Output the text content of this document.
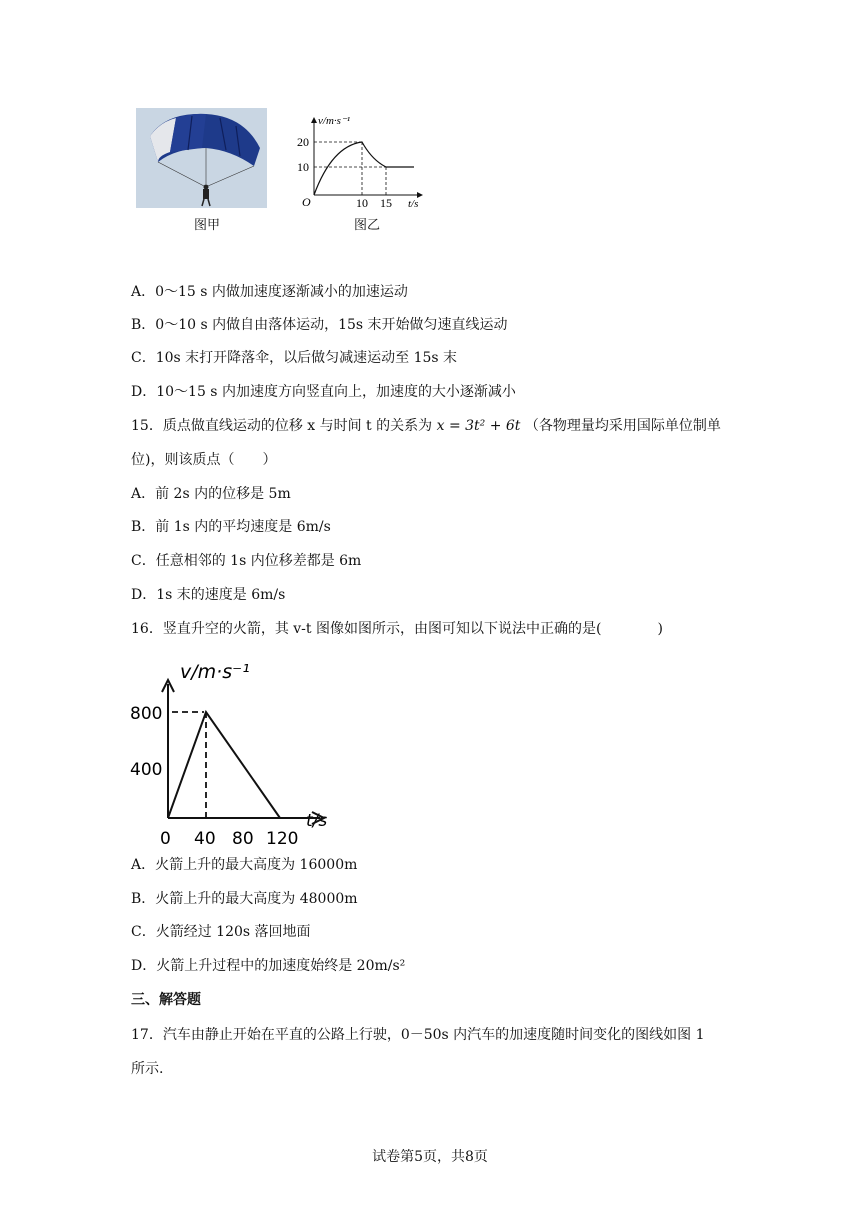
图甲
v/m·s⁻¹
t/s
O
20
10
10 15
图乙
A．0～15 s 内做加速度逐渐减小的加速运动
B．0～10 s 内做自由落体运动，15s 末开始做匀速直线运动
C．10s 末打开降落伞，以后做匀减速运动至 15s 末
D．10～15 s 内加速度方向竖直向上，加速度的大小逐渐减小
15．质点做直线运动的位移 x 与时间 t 的关系为 x = 3t² + 6t （各物理量均采用国际单位制单
位)，则该质点（　　）
A．前 2s 内的位移是 5m
B．前 1s 内的平均速度是 6m/s
C．任意相邻的 1s 内位移差都是 6m
D．1s 末的速度是 6m/s
16．竖直升空的火箭，其 v-t 图像如图所示，由图可知以下说法中正确的是(　　　　)
v/m·s⁻¹
t/s
800
400
0 40 80 120
A．火箭上升的最大高度为 16000m
B．火箭上升的最大高度为 48000m
C．火箭经过 120s 落回地面
D．火箭上升过程中的加速度始终是 20m/s²
三、解答题
17．汽车由静止开始在平直的公路上行驶，0－50s 内汽车的加速度随时间变化的图线如图 1
所示.
试卷第5页，共8页
